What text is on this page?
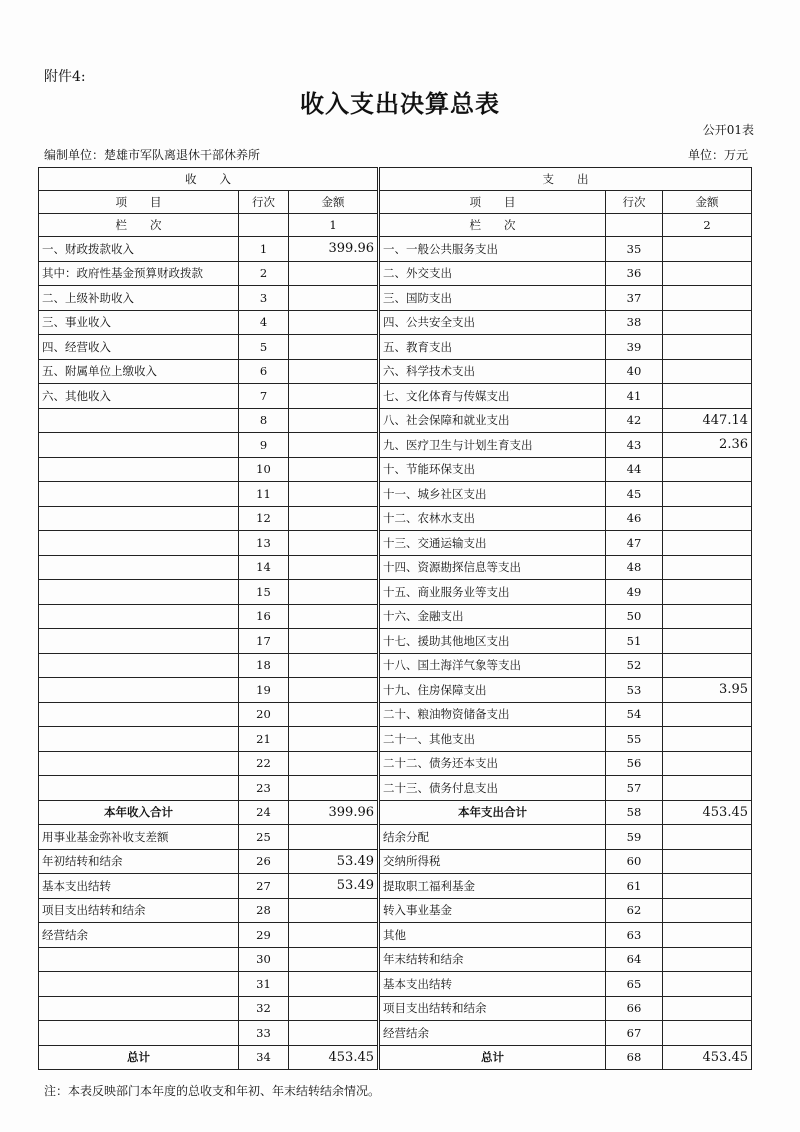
附件4:
收入支出决算总表
公开01表
编制单位：楚雄市军队离退休干部休养所	单位：万元
收　　入			支　　出		
项　　目	行次	金额	项　　目	行次	金额
栏　　次		1	栏　　次		2
一、财政拨款收入	1	399.96	一、一般公共服务支出	35	
其中：政府性基金预算财政拨款	2		二、外交支出	36	
二、上级补助收入	3		三、国防支出	37	
三、事业收入	4		四、公共安全支出	38	
四、经营收入	5		五、教育支出	39	
五、附属单位上缴收入	6		六、科学技术支出	40	
六、其他收入	7		七、文化体育与传媒支出	41	
	8		八、社会保障和就业支出	42	447.14
	9		九、医疗卫生与计划生育支出	43	2.36
	10		十、节能环保支出	44	
	11		十一、城乡社区支出	45	
	12		十二、农林水支出	46	
	13		十三、交通运输支出	47	
	14		十四、资源勘探信息等支出	48	
	15		十五、商业服务业等支出	49	
	16		十六、金融支出	50	
	17		十七、援助其他地区支出	51	
	18		十八、国土海洋气象等支出	52	
	19		十九、住房保障支出	53	3.95
	20		二十、粮油物资储备支出	54	
	21		二十一、其他支出	55	
	22		二十二、债务还本支出	56	
	23		二十三、债务付息支出	57	
本年收入合计	24	399.96	本年支出合计	58	453.45
用事业基金弥补收支差额	25		结余分配	59	
年初结转和结余	26	53.49	交纳所得税	60	
基本支出结转	27	53.49	提取职工福利基金	61	
项目支出结转和结余	28		转入事业基金	62	
经营结余	29		其他	63	
	30		年末结转和结余	64	
	31		基本支出结转	65	
	32		项目支出结转和结余	66	
	33		经营结余	67	
总计	34	453.45	总计	68	453.45
注：本表反映部门本年度的总收支和年初、年末结转结余情况。
